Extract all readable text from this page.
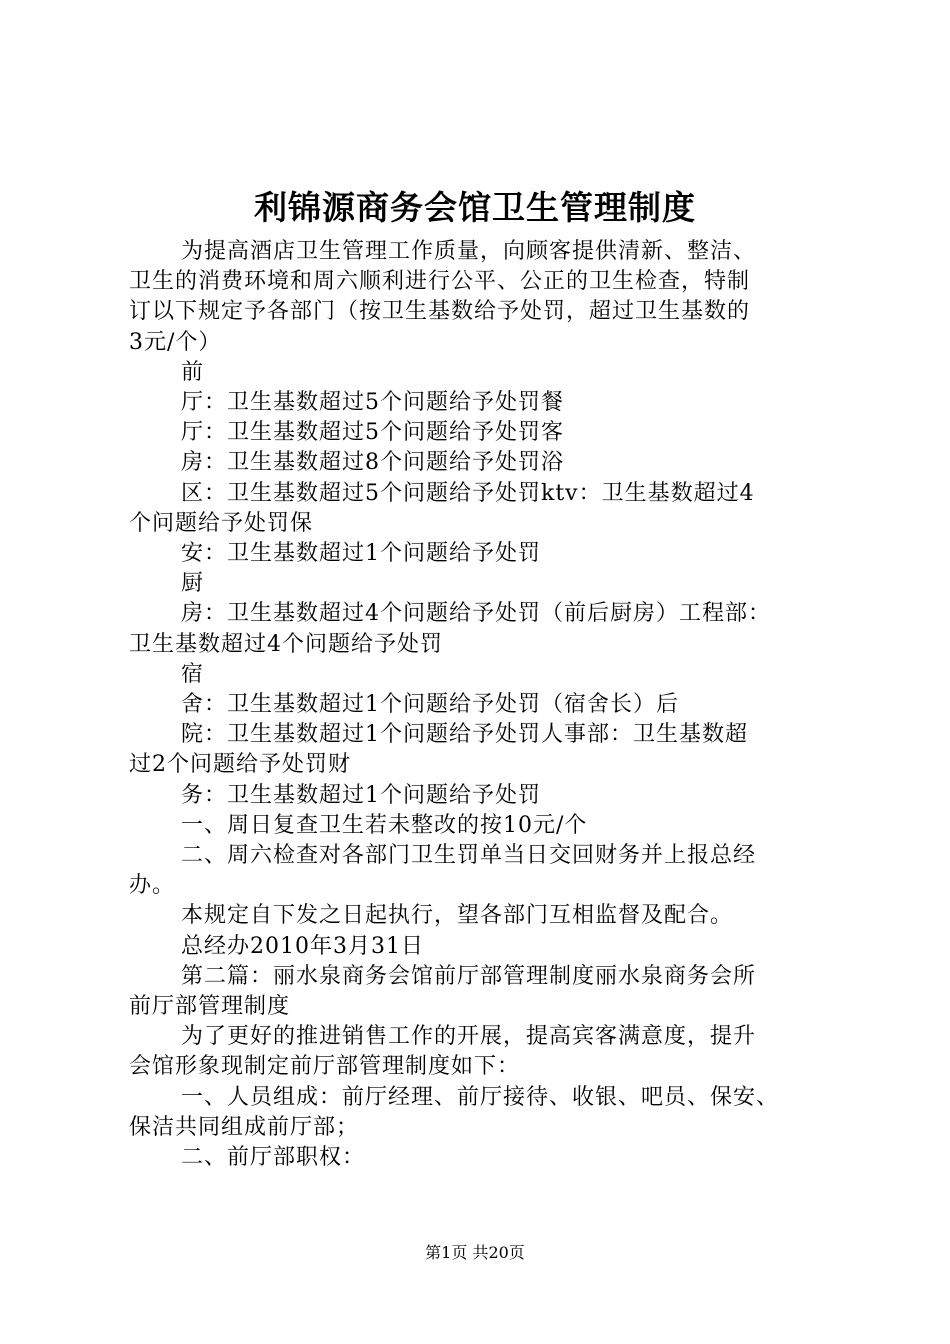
利锦源商务会馆卫生管理制度

为提高酒店卫生管理工作质量，向顾客提供清新、整洁、

卫生的消费环境和周六顺利进行公平、公正的卫生检查，特制

订以下规定予各部门（按卫生基数给予处罚，超过卫生基数的

3元/个）

前

厅：卫生基数超过5个问题给予处罚餐

厅：卫生基数超过5个问题给予处罚客

房：卫生基数超过8个问题给予处罚浴

区：卫生基数超过5个问题给予处罚ktv：卫生基数超过4

个问题给予处罚保

安：卫生基数超过1个问题给予处罚

厨

房：卫生基数超过4个问题给予处罚（前后厨房）工程部：

卫生基数超过4个问题给予处罚

宿

舍：卫生基数超过1个问题给予处罚（宿舍长）后

院：卫生基数超过1个问题给予处罚人事部：卫生基数超

过2个问题给予处罚财

务：卫生基数超过1个问题给予处罚

一、周日复查卫生若未整改的按10元/个

二、周六检查对各部门卫生罚单当日交回财务并上报总经

办。

本规定自下发之日起执行，望各部门互相监督及配合。

总经办2010年3月31日

第二篇：丽水泉商务会馆前厅部管理制度丽水泉商务会所

前厅部管理制度

为了更好的推进销售工作的开展，提高宾客满意度，提升

会馆形象现制定前厅部管理制度如下：

一、人员组成：前厅经理、前厅接待、收银、吧员、保安、

保洁共同组成前厅部；

二、前厅部职权：

第1页 共20页
